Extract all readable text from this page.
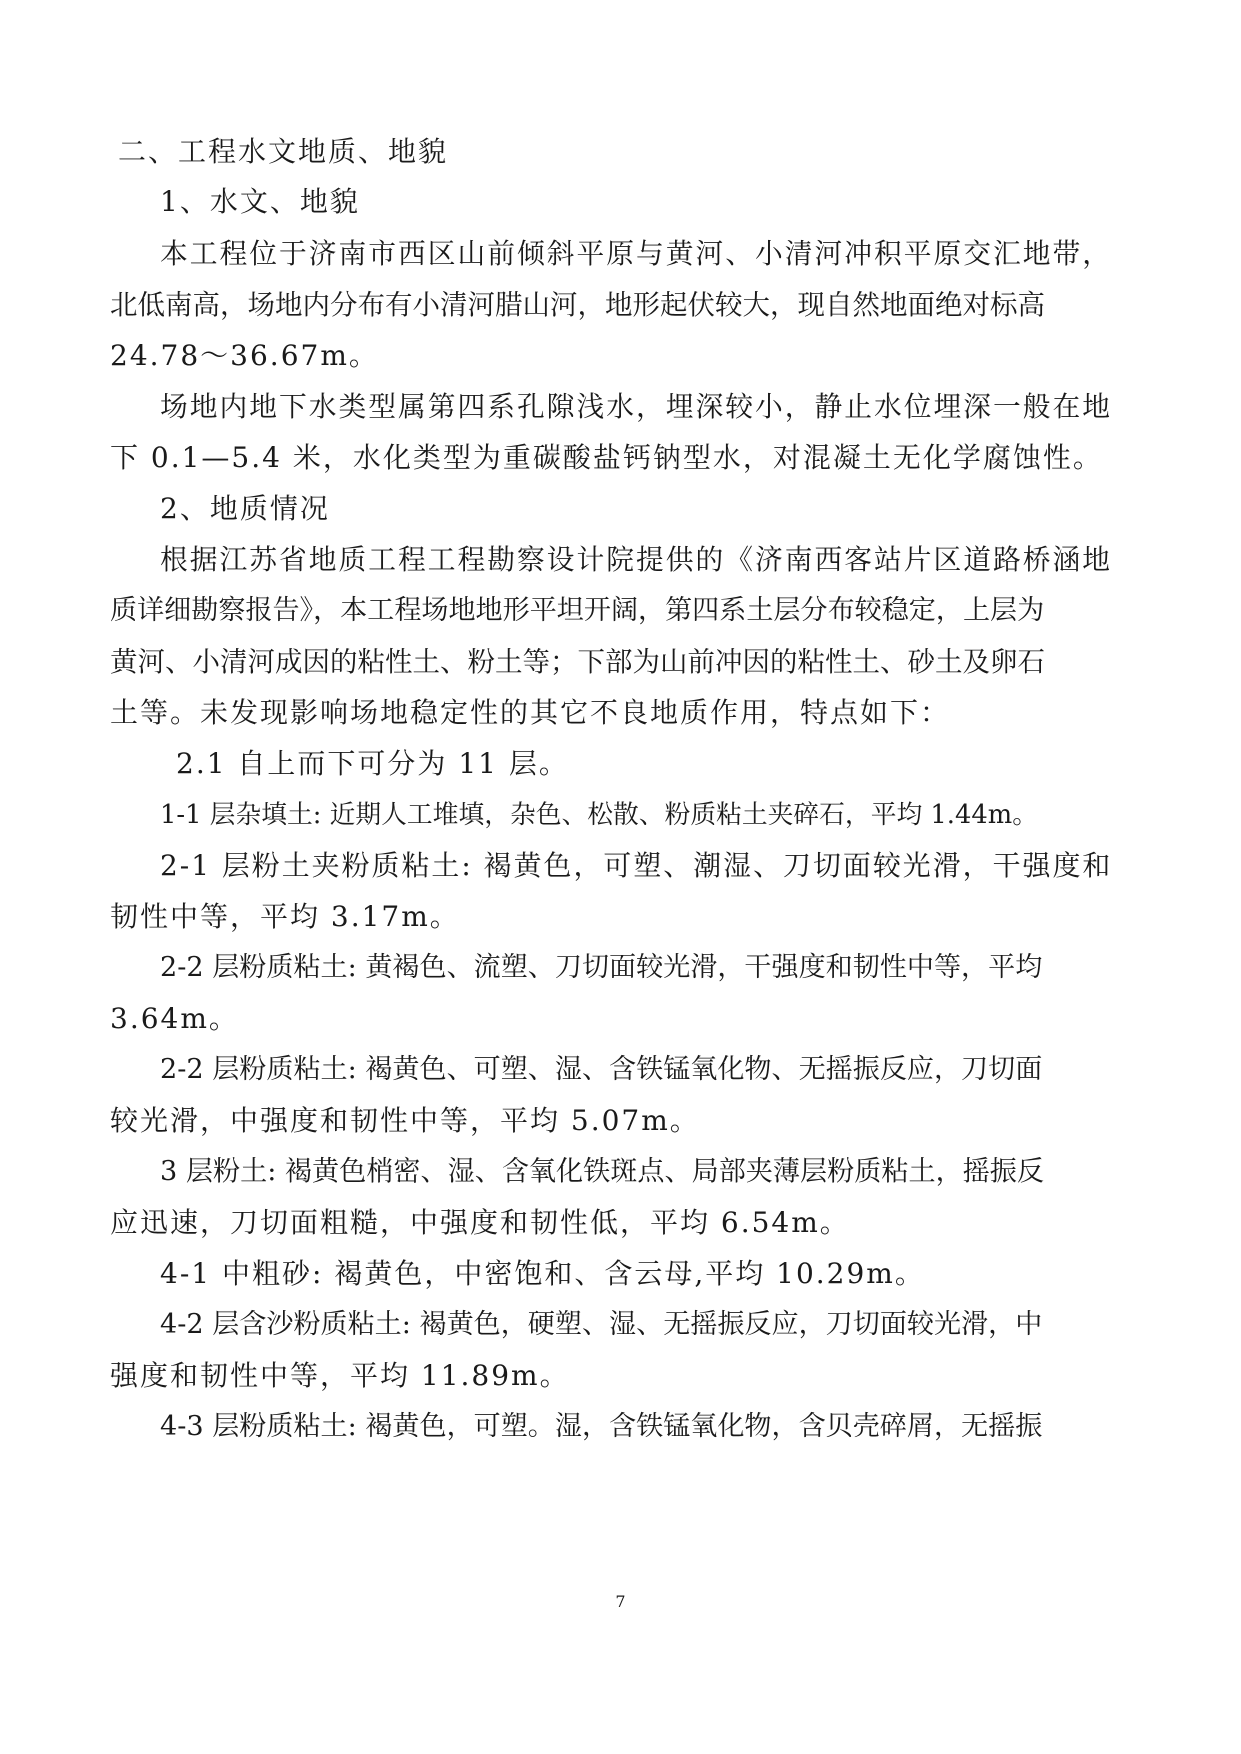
二、工程水文地质、地貌

1、水文、地貌

本工程位于济南市西区山前倾斜平原与黄河、小清河冲积平原交汇地带，

北低南高，场地内分布有小清河腊山河，地形起伏较大，现自然地面绝对标高

24.78～36.67m。

场地内地下水类型属第四系孔隙浅水，埋深较小，静止水位埋深一般在地

下 0.1—5.4 米，水化类型为重碳酸盐钙钠型水，对混凝土无化学腐蚀性。

2、地质情况

根据江苏省地质工程工程勘察设计院提供的《济南西客站片区道路桥涵地

质详细勘察报告》，本工程场地地形平坦开阔，第四系土层分布较稳定，上层为

黄河、小清河成因的粘性土、粉土等；下部为山前冲因的粘性土、砂土及卵石

土等。未发现影响场地稳定性的其它不良地质作用，特点如下：

2.1 自上而下可分为 11 层。

1-1 层杂填土: 近期人工堆填，杂色、松散、粉质粘土夹碎石，平均 1.44m。

2-1 层粉土夹粉质粘土: 褐黄色，可塑、潮湿、刀切面较光滑，干强度和

韧性中等，平均 3.17m。

2-2 层粉质粘土: 黄褐色、流塑、刀切面较光滑，干强度和韧性中等，平均

3.64m。

2-2 层粉质粘土: 褐黄色、可塑、湿、含铁锰氧化物、无摇振反应，刀切面

较光滑，中强度和韧性中等，平均 5.07m。

3 层粉土: 褐黄色梢密、湿、含氧化铁斑点、局部夹薄层粉质粘土，摇振反

应迅速，刀切面粗糙，中强度和韧性低，平均 6.54m。

4-1 中粗砂: 褐黄色，中密饱和、含云母,平均 10.29m。

4-2 层含沙粉质粘土: 褐黄色，硬塑、湿、无摇振反应，刀切面较光滑，中

强度和韧性中等，平均 11.89m。

4-3 层粉质粘土: 褐黄色，可塑。湿，含铁锰氧化物，含贝壳碎屑，无摇振

7
